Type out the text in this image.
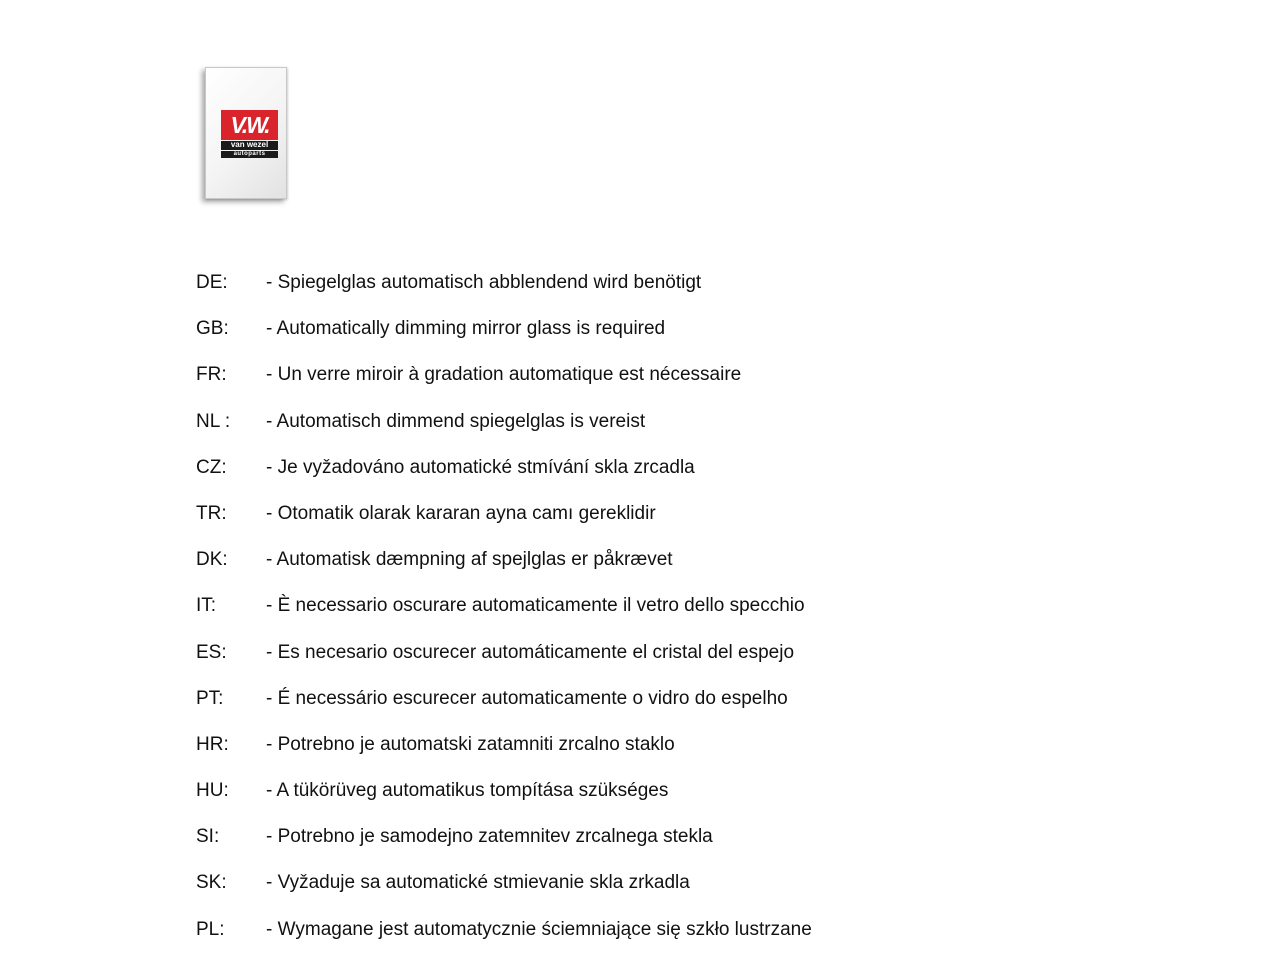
V.W.
van wezel
autoparts
DE:	- Spiegelglas automatisch abblendend wird benötigt
GB:	- Automatically dimming mirror glass is required
FR:	- Un verre miroir à gradation automatique est nécessaire
NL :	- Automatisch dimmend spiegelglas is vereist
CZ:	- Je vyžadováno automatické stmívání skla zrcadla
TR:	- Otomatik olarak kararan ayna camı gereklidir
DK:	- Automatisk dæmpning af spejlglas er påkrævet
IT:	- È necessario oscurare automaticamente il vetro dello specchio
ES:	- Es necesario oscurecer automáticamente el cristal del espejo
PT:	- É necessário escurecer automaticamente o vidro do espelho
HR:	- Potrebno je automatski zatamniti zrcalno staklo
HU:	- A tükörüveg automatikus tompítása szükséges
SI:	- Potrebno je samodejno zatemnitev zrcalnega stekla
SK:	- Vyžaduje sa automatické stmievanie skla zrkadla
PL:	- Wymagane jest automatycznie ściemniające się szkło lustrzane
